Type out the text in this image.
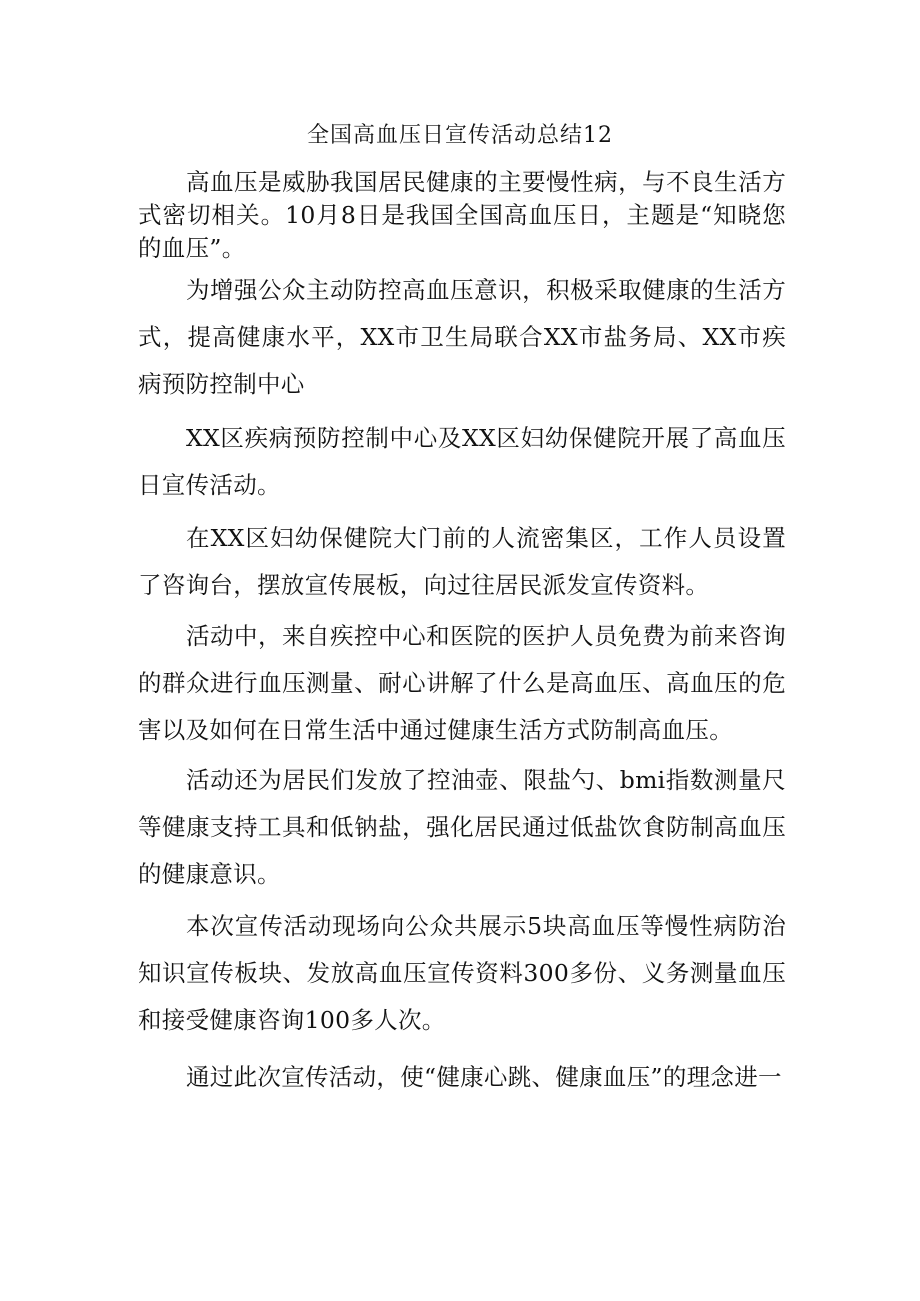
全国高血压日宣传活动总结12

高血压是威胁我国居民健康的主要慢性病，与不良生活方式密切相关。10月8日是我国全国高血压日，主题是“知晓您的血压”。

为增强公众主动防控高血压意识，积极采取健康的生活方式，提高健康水平，XX市卫生局联合XX市盐务局、XX市疾病预防控制中心

XX区疾病预防控制中心及XX区妇幼保健院开展了高血压日宣传活动。

在XX区妇幼保健院大门前的人流密集区，工作人员设置了咨询台，摆放宣传展板，向过往居民派发宣传资料。

活动中，来自疾控中心和医院的医护人员免费为前来咨询的群众进行血压测量、耐心讲解了什么是高血压、高血压的危害以及如何在日常生活中通过健康生活方式防制高血压。

活动还为居民们发放了控油壶、限盐勺、bmi指数测量尺等健康支持工具和低钠盐，强化居民通过低盐饮食防制高血压的健康意识。

本次宣传活动现场向公众共展示5块高血压等慢性病防治知识宣传板块、发放高血压宣传资料300多份、义务测量血压和接受健康咨询100多人次。

通过此次宣传活动，使“健康心跳、健康血压”的理念进一
